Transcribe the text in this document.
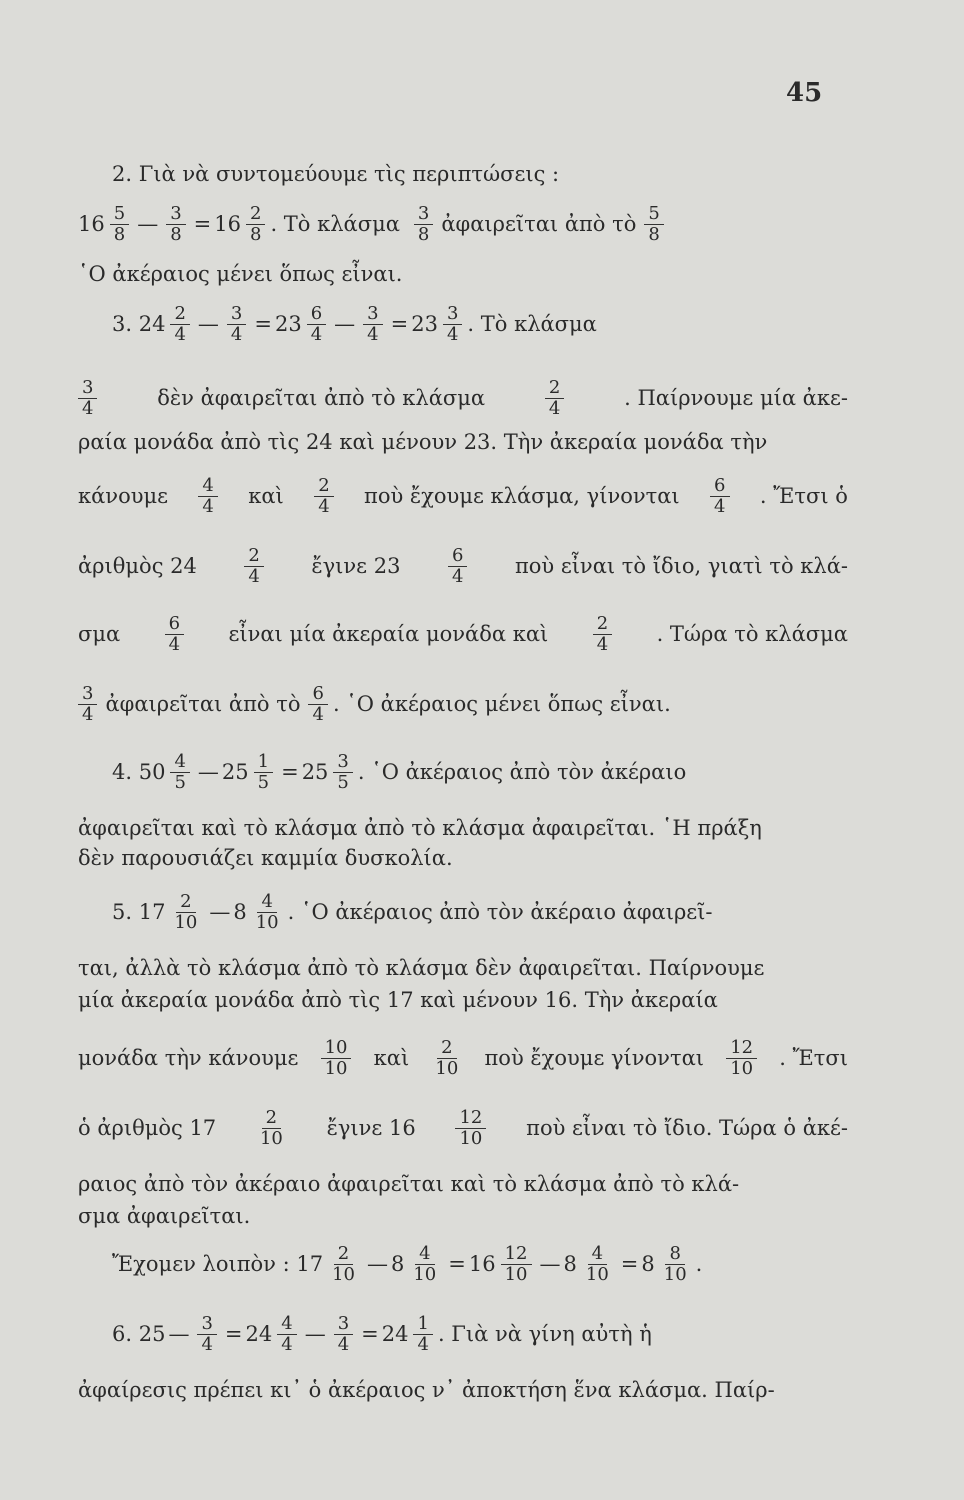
45
2. Γιὰ νὰ συντομεύουμε τὶς περιπτώσεις :
$16 \frac{5}{8}$ — $\frac{3}{8} = 16 \frac{2}{8}$ . Τὸ κλάσμα $\frac{3}{8}$ ἀφαιρεῖται ἀπὸ τὸ $\frac{5}{8}$
῾Ο ἀκέραιος μένει ὅπως εἶναι.
3. $24 \frac{2}{4}$ — $\frac{3}{4} = 23 \frac{6}{4}$ — $\frac{3}{4} = 23 \frac{3}{4}$ . Τὸ κλάσμα
$\frac{3}{4}$	δὲν ἀφαιρεῖται ἀπὸ τὸ κλάσμα	$\frac{2}{4}$	. Παίρνουμε μία ἀκε-
ραία μονάδα ἀπὸ τὶς 24 καὶ μένουν 23. Τὴν ἀκεραία μονάδα τὴν
κάνουμε $\frac{4}{4}$ καὶ $\frac{2}{4}$ ποὺ ἔχουμε κλάσμα, γίνονται $\frac{6}{4}$ . Ἔτσι ὁ
ἀριθμὸς 24	$\frac{2}{4}$ ἔγινε 23	$\frac{6}{4}$ ποὺ εἶναι τὸ ἴδιο, γιατὶ τὸ κλά-
σμα $\frac{6}{4}$ εἶναι μία ἀκεραία μονάδα καὶ $\frac{2}{4}$ . Τώρα τὸ κλάσμα
$\frac{3}{4}$ ἀφαιρεῖται ἀπὸ τὸ $\frac{6}{4}$ . ῾Ο ἀκέραιος μένει ὅπως εἶναι.
4. $50 \frac{4}{5}$ — $25 \frac{1}{5} = 25 \frac{3}{5}$ . ῾Ο ἀκέραιος ἀπὸ τὸν ἀκέραιο
ἀφαιρεῖται καὶ τὸ κλάσμα ἀπὸ τὸ κλάσμα ἀφαιρεῖται. ῾Η πράξη
δὲν παρουσιάζει καμμία δυσκολία.
5. $17 \frac{2}{10}$ — $8 \frac{4}{10}$ . ῾Ο ἀκέραιος ἀπὸ τὸν ἀκέραιο ἀφαιρεῖ-
ται, ἀλλὰ τὸ κλάσμα ἀπὸ τὸ κλάσμα δὲν ἀφαιρεῖται. Παίρνουμε
μία ἀκεραία μονάδα ἀπὸ τὶς 17 καὶ μένουν 16. Τὴν ἀκεραία
μονάδα τὴν κάνουμε $\frac{10}{10}$ καὶ $\frac{2}{10}$ ποὺ ἔχουμε γίνονται $\frac{12}{10}$ . Ἔτσι
ὁ ἀριθμὸς $17 \frac{2}{10}$ ἔγινε $16 \frac{12}{10}$ ποὺ εἶναι τὸ ἴδιο. Τώρα ὁ ἀκέ-
ραιος ἀπὸ τὸν ἀκέραιο ἀφαιρεῖται καὶ τὸ κλάσμα ἀπὸ τὸ κλά-
σμα ἀφαιρεῖται.
Ἔχομεν λοιπὸν : $17 \frac{2}{10}$ — $8 \frac{4}{10} = 16 \frac{12}{10}$ — $8 \frac{4}{10} = 8 \frac{8}{10}$ .
6. 25 — $\frac{3}{4} = 24 \frac{4}{4}$ — $\frac{3}{4} = 24 \frac{1}{4}$ . Γιὰ νὰ γίνη αὐτὴ ἡ
ἀφαίρεσις πρέπει κι᾽ ὁ ἀκέραιος ν᾽ ἀποκτήση ἕνα κλάσμα. Παίρ-
